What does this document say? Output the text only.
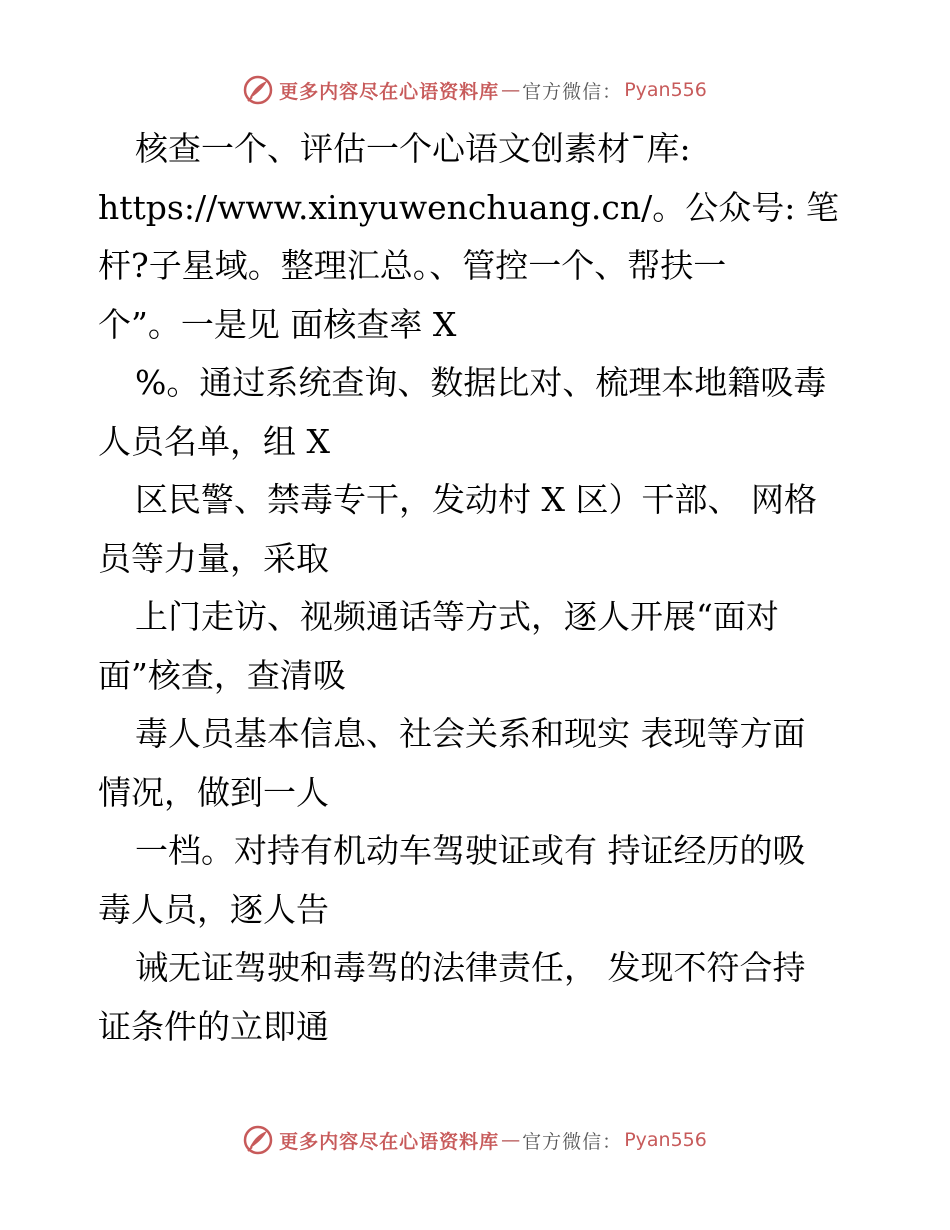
更多内容尽在心语资料库 — 官方微信： Pyan556
核查一个、评估一个心语文创素材¯库:
https://www.xinyuwenchuang.cn/。公众号: 笔
杆?子星域。整理汇总。、管控一个、帮扶一
个”。一是见 面核查率 X
%。通过系统查询、数据比对、梳理本地籍吸毒
人员名单，组 X
区民警、禁毒专干，发动村 X 区）干部、 网格
员等力量，采取
上门走访、视频通话等方式，逐人开展“面对
面”核查，查清吸
毒人员基本信息、社会关系和现实 表现等方面
情况，做到一人
一档。对持有机动车驾驶证或有 持证经历的吸
毒人员，逐人告
诫无证驾驶和毒驾的法律责任， 发现不符合持
证条件的立即通
更多内容尽在心语资料库 — 官方微信： Pyan556
